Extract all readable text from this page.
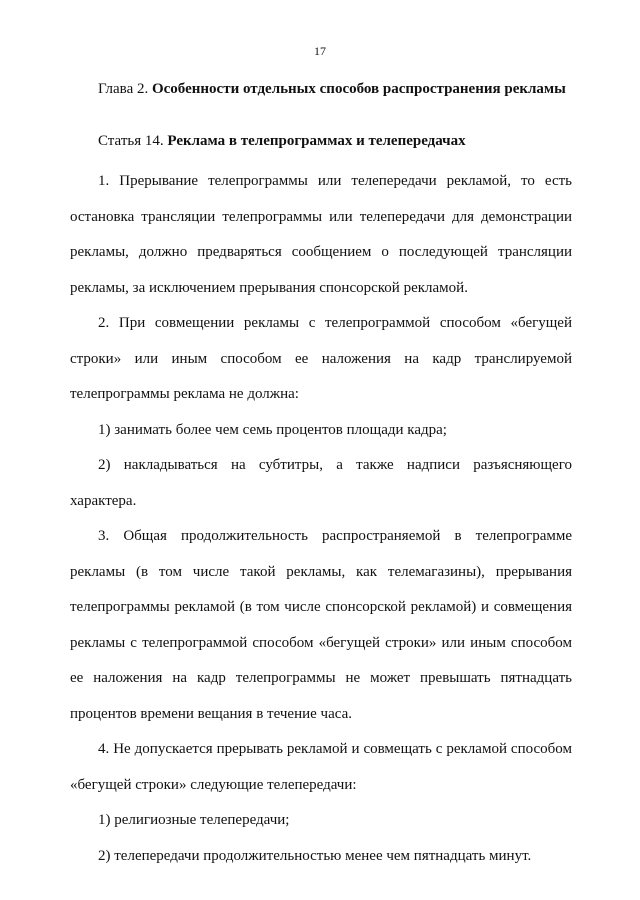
17
Глава 2. Особенности отдельных способов распространения рекламы
Статья 14. Реклама в телепрограммах и телепередачах

1. Прерывание телепрограммы или телепередачи рекламой, то есть остановка трансляции телепрограммы или телепередачи для демонстрации рекламы, должно предваряться сообщением о последующей трансляции рекламы, за исключением прерывания спонсорской рекламой.

2. При совмещении рекламы с телепрограммой способом «бегущей строки» или иным способом ее наложения на кадр транслируемой телепрограммы реклама не должна:

1) занимать более чем семь процентов площади кадра;

2) накладываться на субтитры, а также надписи разъясняющего характера.

3. Общая продолжительность распространяемой в телепрограмме рекламы (в том числе такой рекламы, как телемагазины), прерывания телепрограммы рекламой (в том числе спонсорской рекламой) и совмещения рекламы с телепрограммой способом «бегущей строки» или иным способом ее наложения на кадр телепрограммы не может превышать пятнадцать процентов времени вещания в течение часа.

4. Не допускается прерывать рекламой и совмещать с рекламой способом «бегущей строки» следующие телепередачи:

1) религиозные телепередачи;

2) телепередачи продолжительностью менее чем пятнадцать минут.
